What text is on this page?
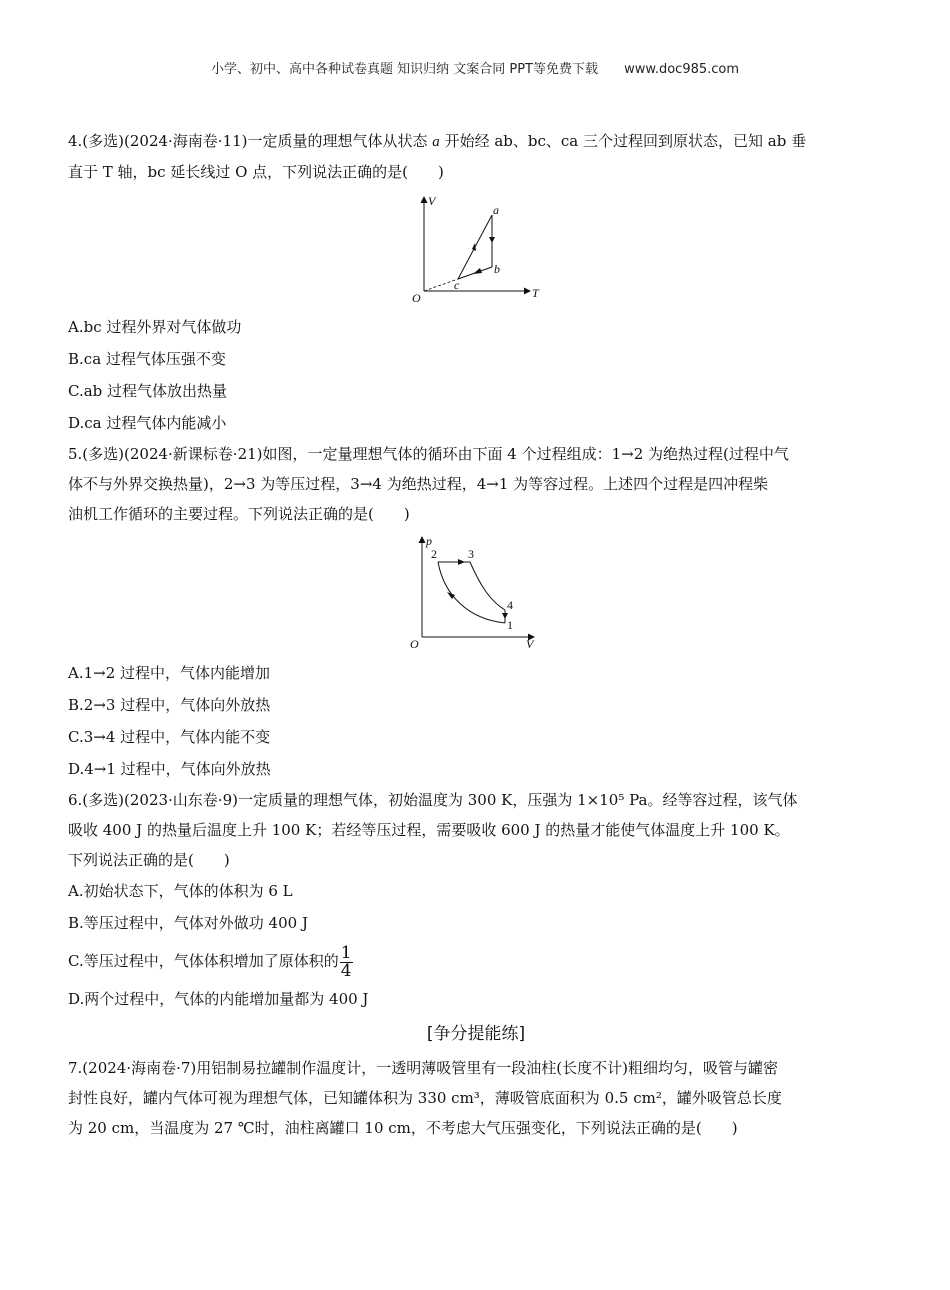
小学、初中、高中各种试卷真题 知识归纳 文案合同 PPT等免费下载 www.doc985.com

4.(多选)(2024·海南卷·11)一定质量的理想气体从状态 a 开始经 ab、bc、ca 三个过程回到原状态，已知 ab 垂

直于 T 轴，bc 延长线过 O 点，下列说法正确的是(　　)

V
T
O
a
b
c

A.bc 过程外界对气体做功

B.ca 过程气体压强不变

C.ab 过程气体放出热量

D.ca 过程气体内能减小

5.(多选)(2024·新课标卷·21)如图，一定量理想气体的循环由下面 4 个过程组成：1→2 为绝热过程(过程中气

体不与外界交换热量)，2→3 为等压过程，3→4 为绝热过程，4→1 为等容过程。上述四个过程是四冲程柴

油机工作循环的主要过程。下列说法正确的是(　　)

p
V
O
2	3
4
1

A.1→2 过程中，气体内能增加

B.2→3 过程中，气体向外放热

C.3→4 过程中，气体内能不变

D.4→1 过程中，气体向外放热

6.(多选)(2023·山东卷·9)一定质量的理想气体，初始温度为 300 K，压强为 1×10⁵ Pa。经等容过程，该气体

吸收 400 J 的热量后温度上升 100 K；若经等压过程，需要吸收 600 J 的热量才能使气体温度上升 100 K。

下列说法正确的是(　　)

A.初始状态下，气体的体积为 6 L

B.等压过程中，气体对外做功 400 J

C.等压过程中，气体体积增加了原体积的 $\frac{1}{4}$

D.两个过程中，气体的内能增加量都为 400 J

[争分提能练]

7.(2024·海南卷·7)用铝制易拉罐制作温度计，一透明薄吸管里有一段油柱(长度不计)粗细均匀，吸管与罐密

封性良好，罐内气体可视为理想气体，已知罐体积为 330 cm³，薄吸管底面积为 0.5 cm²，罐外吸管总长度

为 20 cm，当温度为 27 ℃时，油柱离罐口 10 cm，不考虑大气压强变化，下列说法正确的是(　　)
